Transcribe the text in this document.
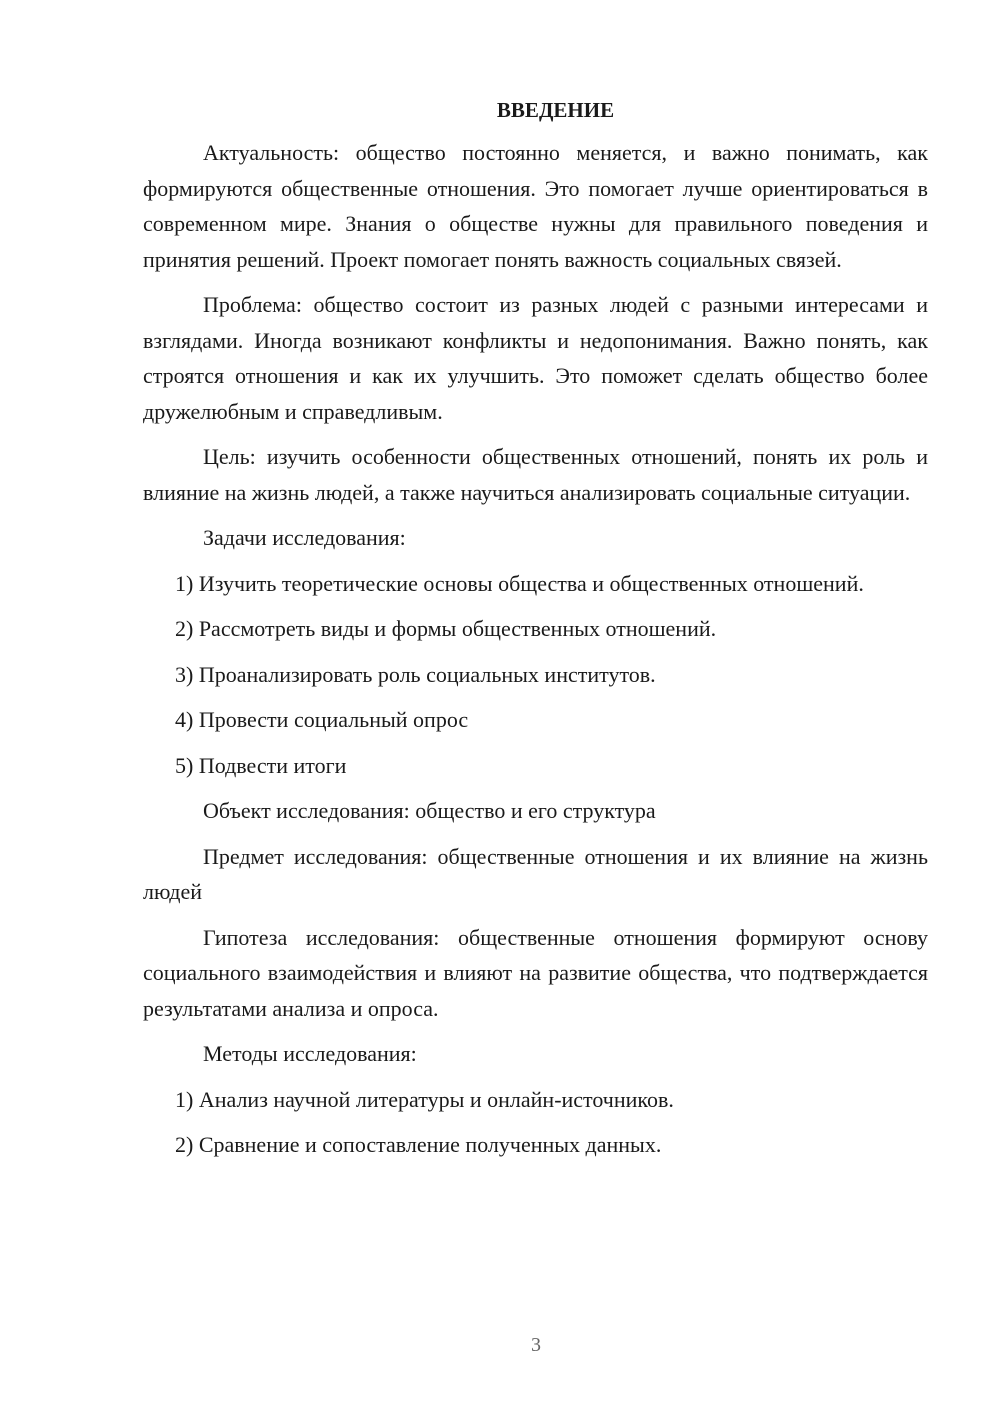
ВВЕДЕНИЕ

Актуальность: общество постоянно меняется, и важно понимать, как формируются общественные отношения. Это помогает лучше ориентироваться в современном мире. Знания о обществе нужны для правильного поведения и принятия решений. Проект помогает понять важность социальных связей.

Проблема: общество состоит из разных людей с разными интересами и взглядами. Иногда возникают конфликты и недопонимания. Важно понять, как строятся отношения и как их улучшить. Это поможет сделать общество более дружелюбным и справедливым.

Цель: изучить особенности общественных отношений, понять их роль и влияние на жизнь людей, а также научиться анализировать социальные ситуации.

Задачи исследования:

1) Изучить теоретические основы общества и общественных отношений.

2) Рассмотреть виды и формы общественных отношений.

3) Проанализировать роль социальных институтов.

4) Провести социальный опрос

5) Подвести итоги

Объект исследования: общество и его структура

Предмет исследования: общественные отношения и их влияние на жизнь людей

Гипотеза исследования: общественные отношения формируют основу социального взаимодействия и влияют на развитие общества, что подтверждается результатами анализа и опроса.

Методы исследования:

1) Анализ научной литературы и онлайн-источников.

2) Сравнение и сопоставление полученных данных.

3
